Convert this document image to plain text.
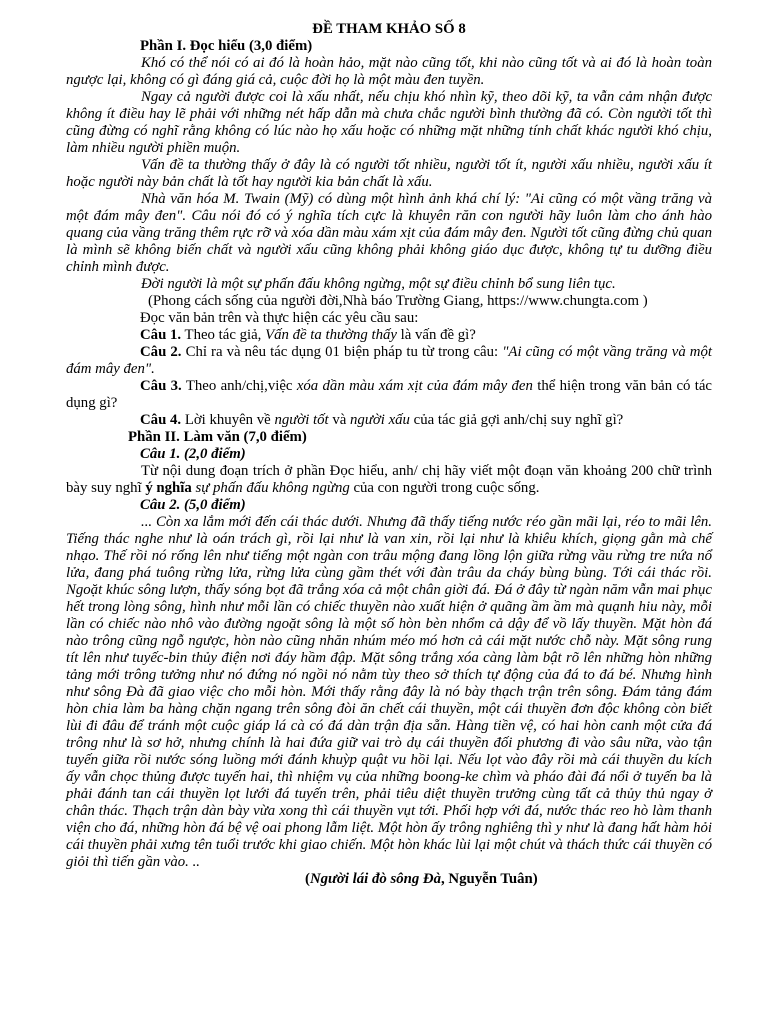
ĐỀ THAM KHẢO SỐ 8

Phần I. Đọc hiểu (3,0 điểm)

Khó có thể nói có ai đó là hoàn hảo, mặt nào cũng tốt, khi nào cũng tốt và ai đó là hoàn toàn ngược lại, không có gì đáng giá cả, cuộc đời họ là một màu đen tuyền.

Ngay cả người được coi là xấu nhất, nếu chịu khó nhìn kỹ, theo dõi kỹ, ta vẫn cảm nhận được không ít điều hay lẽ phải với những nét hấp dẫn mà chưa chắc người bình thường đã có. Còn người tốt thì cũng đừng có nghĩ rằng không có lúc nào họ xấu hoặc có những mặt những tính chất khác người khó chịu, làm nhiều người phiền muộn.

Vấn đề ta thường thấy ở đây là có người tốt nhiều, người tốt ít, người xấu nhiều, người xấu ít hoặc người này bản chất là tốt hay người kia bản chất là xấu.

Nhà văn hóa M. Twain (Mỹ) có dùng một hình ảnh khá chí lý: "Ai cũng có một vầng trăng và một đám mây đen". Câu nói đó có ý nghĩa tích cực là khuyên răn con người hãy luôn làm cho ánh hào quang của vầng trăng thêm rực rỡ và xóa dần màu xám xịt của đám mây đen. Người tốt cũng đừng chủ quan là mình sẽ không biến chất và người xấu cũng không phải không giáo dục được, không tự tu dưỡng điều chỉnh mình được.

Đời người là một sự phấn đấu không ngừng, một sự điều chỉnh bổ sung liên tục.

(Phong cách sống của người đời,Nhà báo Trường Giang, https://www.chungta.com )

Đọc văn bản trên và thực hiện các yêu cầu sau:

Câu 1. Theo tác giả, Vấn đề ta thường thấy là vấn đề gì?

Câu 2. Chỉ ra và nêu tác dụng 01 biện pháp tu từ trong câu: "Ai cũng có một vầng trăng và một đám mây đen".

Câu 3. Theo anh/chị,việc xóa dần màu xám xịt của đám mây đen thể hiện trong văn bản có tác dụng gì?

Câu 4. Lời khuyên về người tốt và người xấu của tác giả gợi anh/chị suy nghĩ gì?

Phần II. Làm văn (7,0 điểm)

Câu 1. (2,0 điểm)

Từ nội dung đoạn trích ở phần Đọc hiểu, anh/ chị hãy viết một đoạn văn khoảng 200 chữ trình bày suy nghĩ ý nghĩa sự phấn đấu không ngừng của con người trong cuộc sống.

Câu 2. (5,0 điểm)

... Còn xa lắm mới đến cái thác dưới. Nhưng đã thấy tiếng nước réo gần mãi lại, réo to mãi lên. Tiếng thác nghe như là oán trách gì, rồi lại như là van xin, rồi lại như là khiêu khích, giọng gằn mà chế nhạo. Thế rồi nó rống lên như tiếng một ngàn con trâu mộng đang lồng lộn giữa rừng vầu rừng tre nứa nổ lửa, đang phá tuông rừng lửa, rừng lửa cùng gầm thét với đàn trâu da cháy bùng bùng. Tới cái thác rồi. Ngoặt khúc sông lượn, thấy sóng bọt đã trắng xóa cả một chân giời đá. Đá ở đây từ ngàn năm vẫn mai phục hết trong lòng sông, hình như mỗi lần có chiếc thuyền nào xuất hiện ở quãng ầm ầm mà quạnh hiu này, mỗi lần có chiếc nào nhô vào đường ngoặt sông là một số hòn bèn nhổm cả dậy để vồ lấy thuyền. Mặt hòn đá nào trông cũng ngỗ ngược, hòn nào cũng nhăn nhúm méo mó hơn cả cái mặt nước chỗ này. Mặt sông rung tít lên như tuyếc-bin thủy điện nơi đáy hầm đập. Mặt sông trắng xóa càng làm bật rõ lên những hòn những tảng mới trông tưởng như nó đứng nó ngồi nó nằm tùy theo sở thích tự động của đá to đá bé. Nhưng hình như sông Đà đã giao việc cho mỗi hòn. Mới thấy rằng đây là nó bày thạch trận trên sông. Đám tảng đám hòn chia làm ba hàng chặn ngang trên sông đòi ăn chết cái thuyền, một cái thuyền đơn độc không còn biết lùi đi đâu để tránh một cuộc giáp lá cà có đá dàn trận địa sẵn. Hàng tiền vệ, có hai hòn canh một cửa đá trông như là sơ hở, nhưng chính là hai đứa giữ vai trò dụ cái thuyền đối phương đi vào sâu nữa, vào tận tuyến giữa rồi nước sóng luồng mới đánh khuỳp quật vu hồi lại. Nếu lọt vào đây rồi mà cái thuyền du kích ấy vẫn chọc thủng được tuyến hai, thì nhiệm vụ của những boong-ke chìm và pháo đài đá nổi ở tuyến ba là phải đánh tan cái thuyền lọt lưới đá tuyến trên, phải tiêu diệt thuyền trưởng cùng tất cả thủy thủ ngay ở chân thác. Thạch trận dàn bày vừa xong thì cái thuyền vụt tới. Phối hợp với đá, nước thác reo hò làm thanh viện cho đá, những hòn đá bệ vệ oai phong lẫm liệt. Một hòn ấy trông nghiêng thì y như là đang hất hàm hỏi cái thuyền phải xưng tên tuổi trước khi giao chiến. Một hòn khác lùi lại một chút và thách thức cái thuyền có giỏi thì tiến gần vào. ..

(Người lái đò sông Đà, Nguyễn Tuân)
